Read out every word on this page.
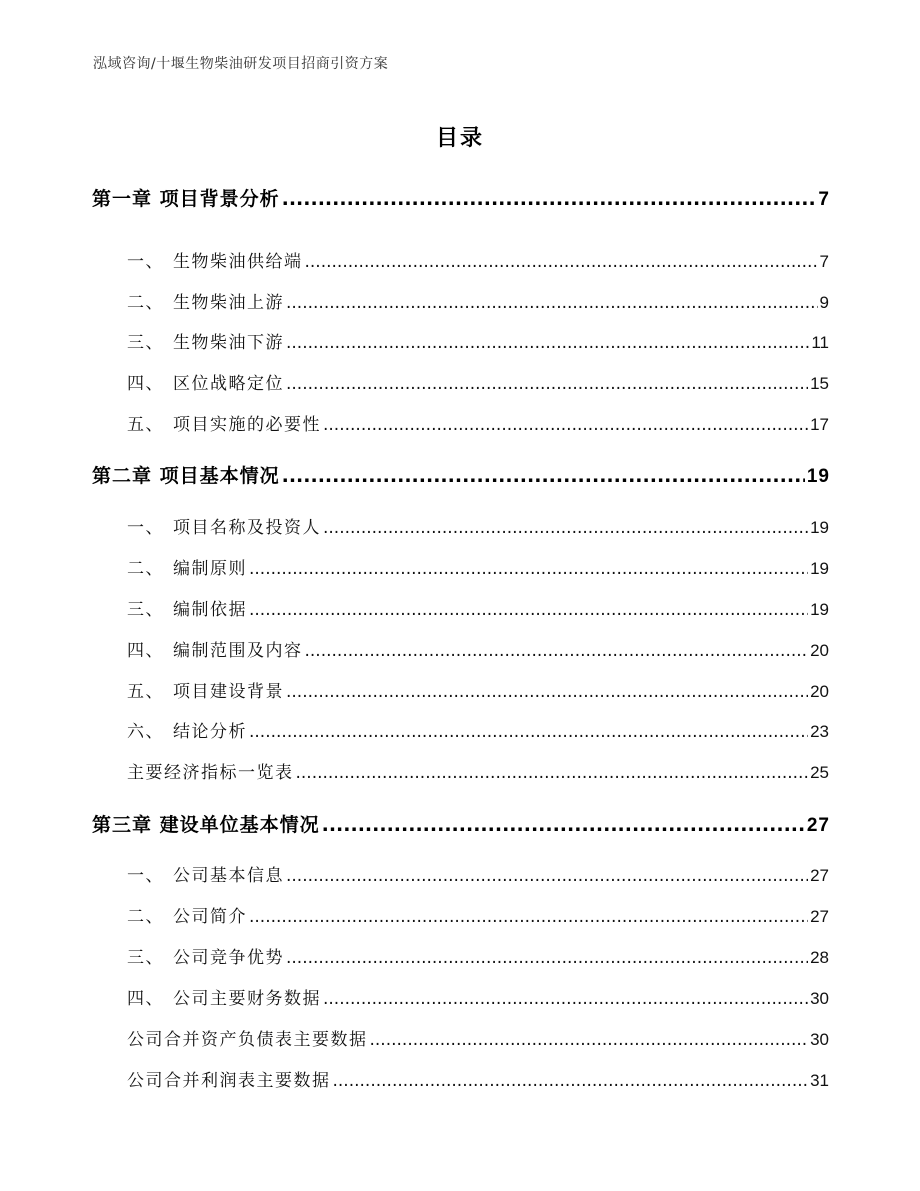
泓域咨询/十堰生物柴油研发项目招商引资方案
目录
第一章 项目背景分析 .....	7
一、 生物柴油供给端 .....	7
二、 生物柴油上游 .....	9
三、 生物柴油下游 .....	11
四、 区位战略定位 .....	15
五、 项目实施的必要性 .....	17
第二章 项目基本情况 .....	19
一、 项目名称及投资人 .....	19
二、 编制原则 .....	19
三、 编制依据 .....	19
四、 编制范围及内容 .....	20
五、 项目建设背景 .....	20
六、 结论分析 .....	23
主要经济指标一览表 .....	25
第三章 建设单位基本情况 .....	27
一、 公司基本信息 .....	27
二、 公司简介 .....	27
三、 公司竞争优势 .....	28
四、 公司主要财务数据 .....	30
公司合并资产负债表主要数据 .....	30
公司合并利润表主要数据 .....	31
